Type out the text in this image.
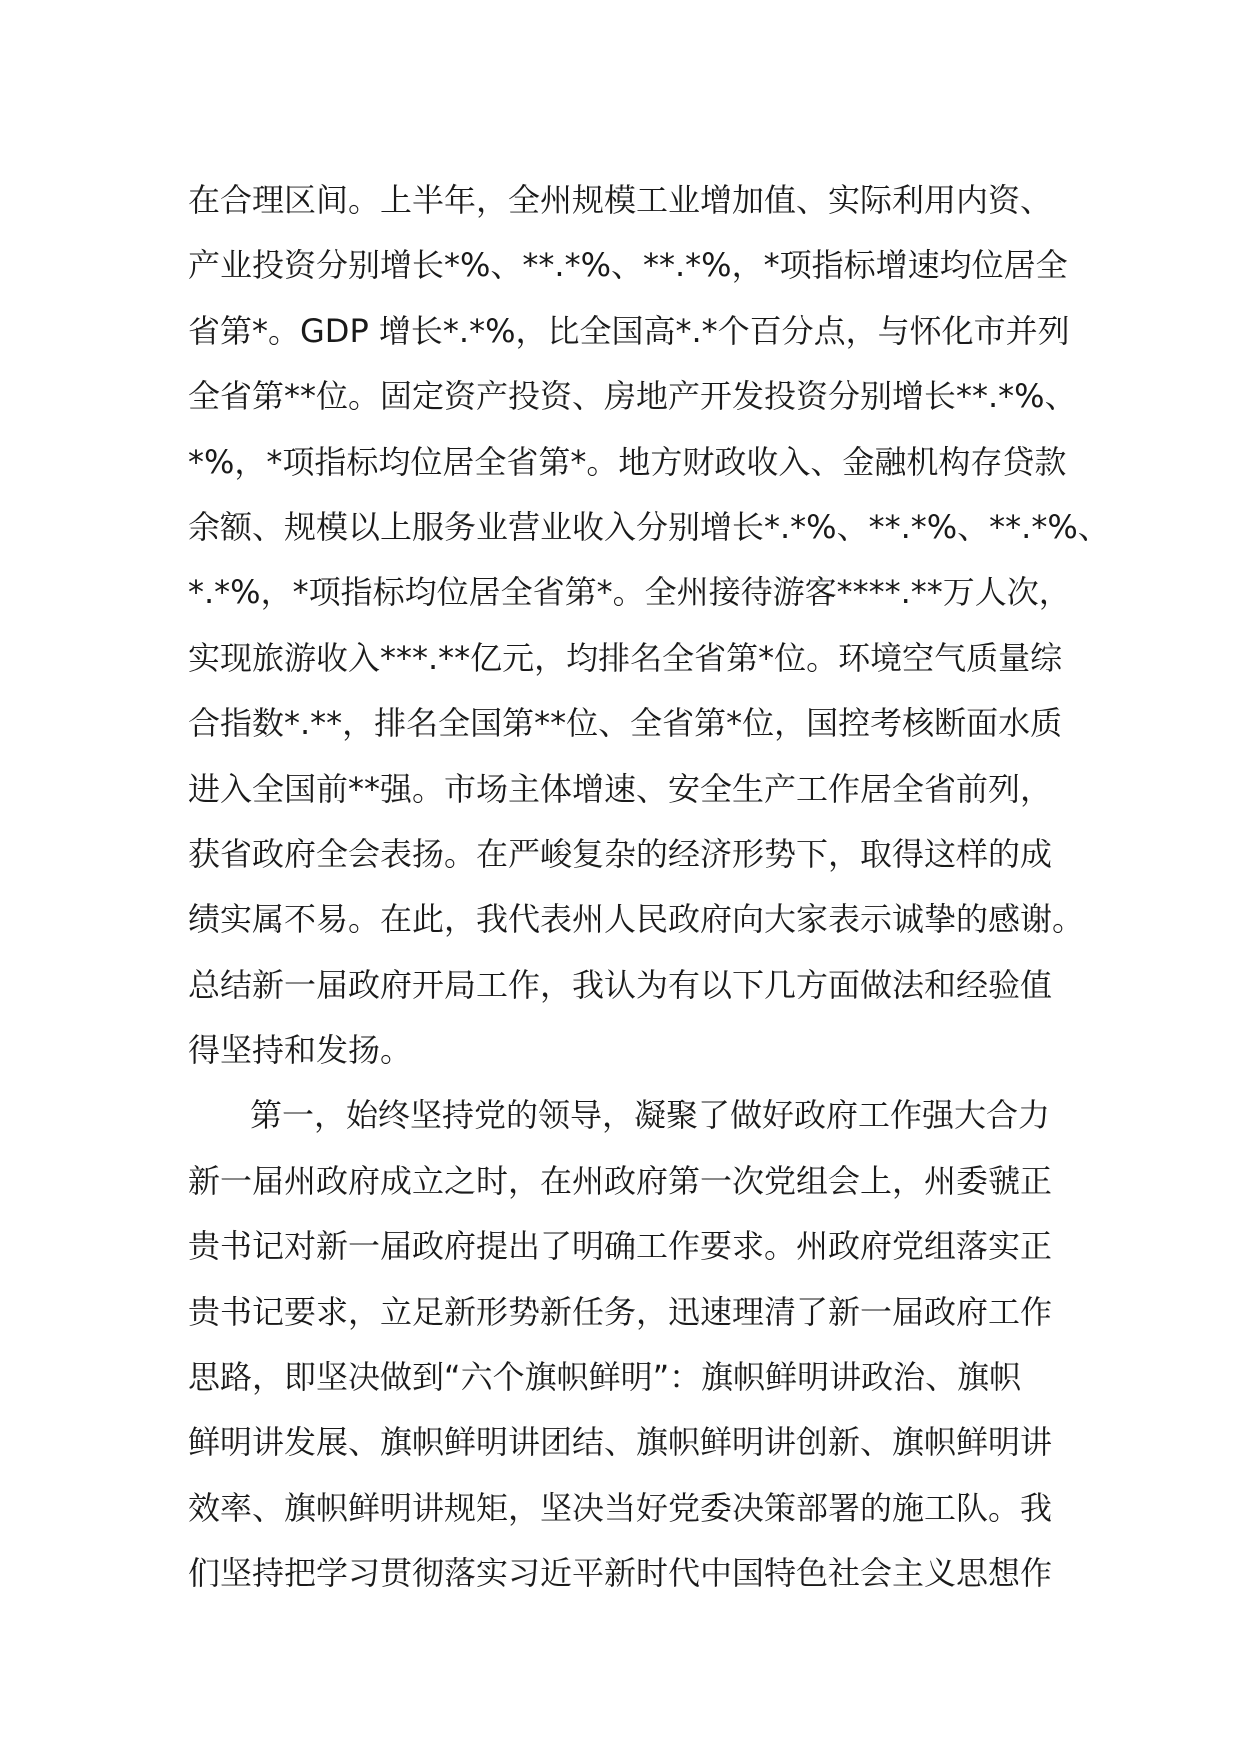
在合理区间。上半年，全州规模工业增加值、实际利用内资、
产业投资分别增长*%、**.*%、**.*%，*项指标增速均位居全
省第*。GDP 增长*.*%，比全国高*.*个百分点，与怀化市并列
全省第**位。固定资产投资、房地产开发投资分别增长**.*%、
*%，*项指标均位居全省第*。地方财政收入、金融机构存贷款
余额、规模以上服务业营业收入分别增长*.*%、**.*%、**.*%、
*.*%，*项指标均位居全省第*。全州接待游客****.**万人次，
实现旅游收入***.**亿元，均排名全省第*位。环境空气质量综
合指数*.**，排名全国第**位、全省第*位，国控考核断面水质
进入全国前**强。市场主体增速、安全生产工作居全省前列，
获省政府全会表扬。在严峻复杂的经济形势下，取得这样的成
绩实属不易。在此，我代表州人民政府向大家表示诚挚的感谢。
总结新一届政府开局工作，我认为有以下几方面做法和经验值
得坚持和发扬。
第一，始终坚持党的领导，凝聚了做好政府工作强大合力
新一届州政府成立之时，在州政府第一次党组会上，州委虢正
贵书记对新一届政府提出了明确工作要求。州政府党组落实正
贵书记要求，立足新形势新任务，迅速理清了新一届政府工作
思路，即坚决做到“六个旗帜鲜明”：旗帜鲜明讲政治、旗帜
鲜明讲发展、旗帜鲜明讲团结、旗帜鲜明讲创新、旗帜鲜明讲
效率、旗帜鲜明讲规矩，坚决当好党委决策部署的施工队。我
们坚持把学习贯彻落实习近平新时代中国特色社会主义思想作
